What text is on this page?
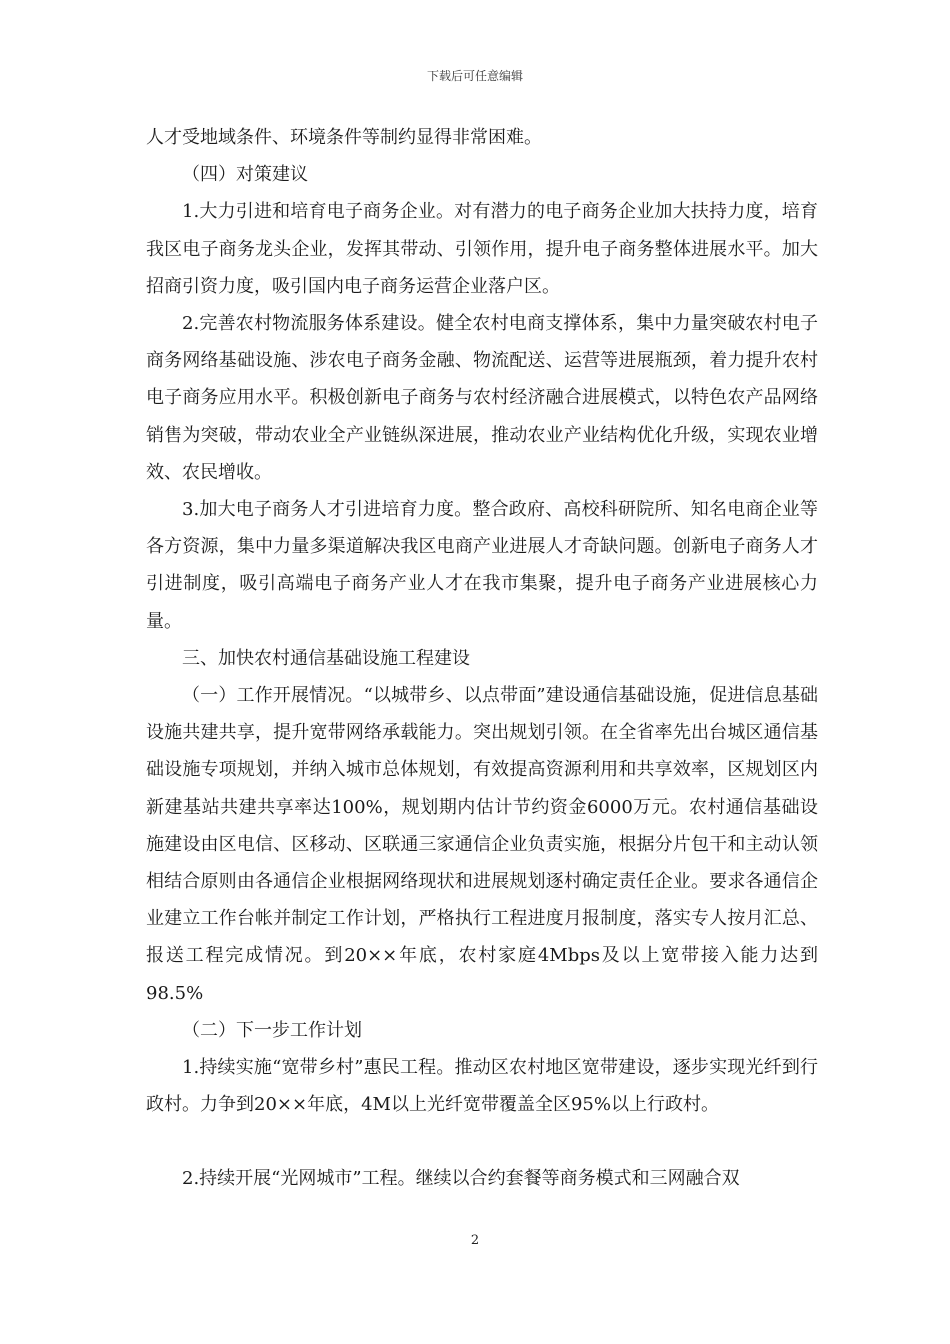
下载后可任意编辑

人才受地域条件、环境条件等制约显得非常困难。

（四）对策建议

1.大力引进和培育电子商务企业。对有潜力的电子商务企业加大扶持力度，培育我区电子商务龙头企业，发挥其带动、引领作用，提升电子商务整体进展水平。加大招商引资力度，吸引国内电子商务运营企业落户区。

2.完善农村物流服务体系建设。健全农村电商支撑体系，集中力量突破农村电子商务网络基础设施、涉农电子商务金融、物流配送、运营等进展瓶颈，着力提升农村电子商务应用水平。积极创新电子商务与农村经济融合进展模式，以特色农产品网络销售为突破，带动农业全产业链纵深进展，推动农业产业结构优化升级，实现农业增效、农民增收。

3.加大电子商务人才引进培育力度。整合政府、高校科研院所、知名电商企业等各方资源，集中力量多渠道解决我区电商产业进展人才奇缺问题。创新电子商务人才引进制度，吸引高端电子商务产业人才在我市集聚，提升电子商务产业进展核心力量。

三、加快农村通信基础设施工程建设

（一）工作开展情况。“以城带乡、以点带面”建设通信基础设施，促进信息基础设施共建共享，提升宽带网络承载能力。突出规划引领。在全省率先出台城区通信基础设施专项规划，并纳入城市总体规划，有效提高资源利用和共享效率，区规划区内新建基站共建共享率达100%，规划期内估计节约资金6000万元。农村通信基础设施建设由区电信、区移动、区联通三家通信企业负责实施，根据分片包干和主动认领相结合原则由各通信企业根据网络现状和进展规划逐村确定责任企业。要求各通信企业建立工作台帐并制定工作计划，严格执行工程进度月报制度，落实专人按月汇总、报送工程完成情况。到20××年底，农村家庭4Mbps及以上宽带接入能力达到98.5%

（二）下一步工作计划

1.持续实施“宽带乡村”惠民工程。推动区农村地区宽带建设，逐步实现光纤到行政村。力争到20××年底，4M以上光纤宽带覆盖全区95%以上行政村。

2.持续开展“光网城市”工程。继续以合约套餐等商务模式和三网融合双

2
